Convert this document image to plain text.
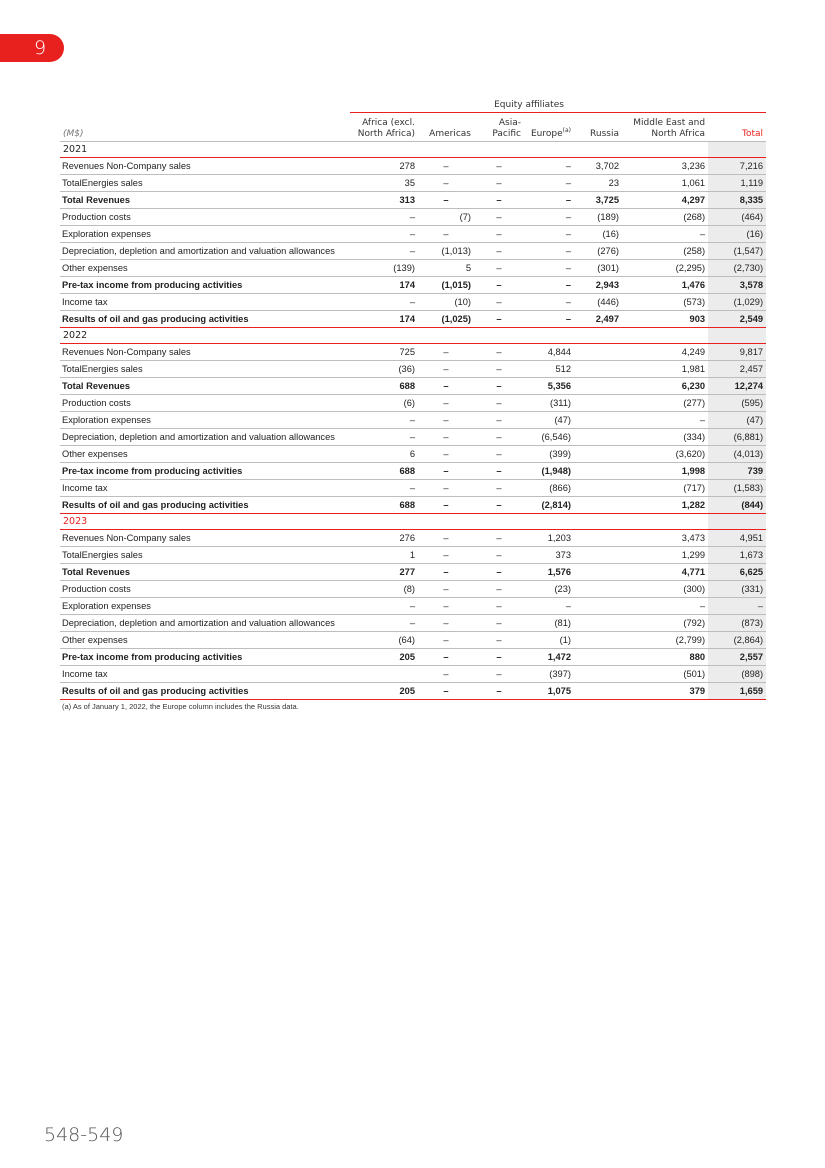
9
	Equity affiliates						
(M$)	Africa (excl.
North Africa)	Americas	Asia-
Pacific	Europe$^{(a)}$	Russia	Middle East and
North Africa	Total
2021							
Revenues Non-Company sales	278	–	–	–	3,702	3,236	7,216
TotalEnergies sales	35	–	–	–	23	1,061	1,119
Total Revenues	313	–	–	–	3,725	4,297	8,335
Production costs	–	(7)	–	–	(189)	(268)	(464)
Exploration expenses	–	–	–	–	(16)	–	(16)
Depreciation, depletion and amortization and valuation allowances	–	(1,013)	–	–	(276)	(258)	(1,547)
Other expenses	(139)	5	–	–	(301)	(2,295)	(2,730)
Pre-tax income from producing activities	174	(1,015)	–	–	2,943	1,476	3,578
Income tax	–	(10)	–	–	(446)	(573)	(1,029)
Results of oil and gas producing activities	174	(1,025)	–	–	2,497	903	2,549
2022							
Revenues Non-Company sales	725	–	–	4,844		4,249	9,817
TotalEnergies sales	(36)	–	–	512		1,981	2,457
Total Revenues	688	–	–	5,356		6,230	12,274
Production costs	(6)	–	–	(311)		(277)	(595)
Exploration expenses	–	–	–	(47)		–	(47)
Depreciation, depletion and amortization and valuation allowances	–	–	–	(6,546)		(334)	(6,881)
Other expenses	6	–	–	(399)		(3,620)	(4,013)
Pre-tax income from producing activities	688	–	–	(1,948)		1,998	739
Income tax	–	–	–	(866)		(717)	(1,583)
Results of oil and gas producing activities	688	–	–	(2,814)		1,282	(844)
2023							
Revenues Non-Company sales	276	–	–	1,203		3,473	4,951
TotalEnergies sales	1	–	–	373		1,299	1,673
Total Revenues	277	–	–	1,576		4,771	6,625
Production costs	(8)	–	–	(23)		(300)	(331)
Exploration expenses	–	–	–	–		–	–
Depreciation, depletion and amortization and valuation allowances	–	–	–	(81)		(792)	(873)
Other expenses	(64)	–	–	(1)		(2,799)	(2,864)
Pre-tax income from producing activities	205	–	–	1,472		880	2,557
Income tax		–	–	(397)		(501)	(898)
Results of oil and gas producing activities	205	–	–	1,075		379	1,659
(a) As of January 1, 2022, the Europe column includes the Russia data.
548-549
